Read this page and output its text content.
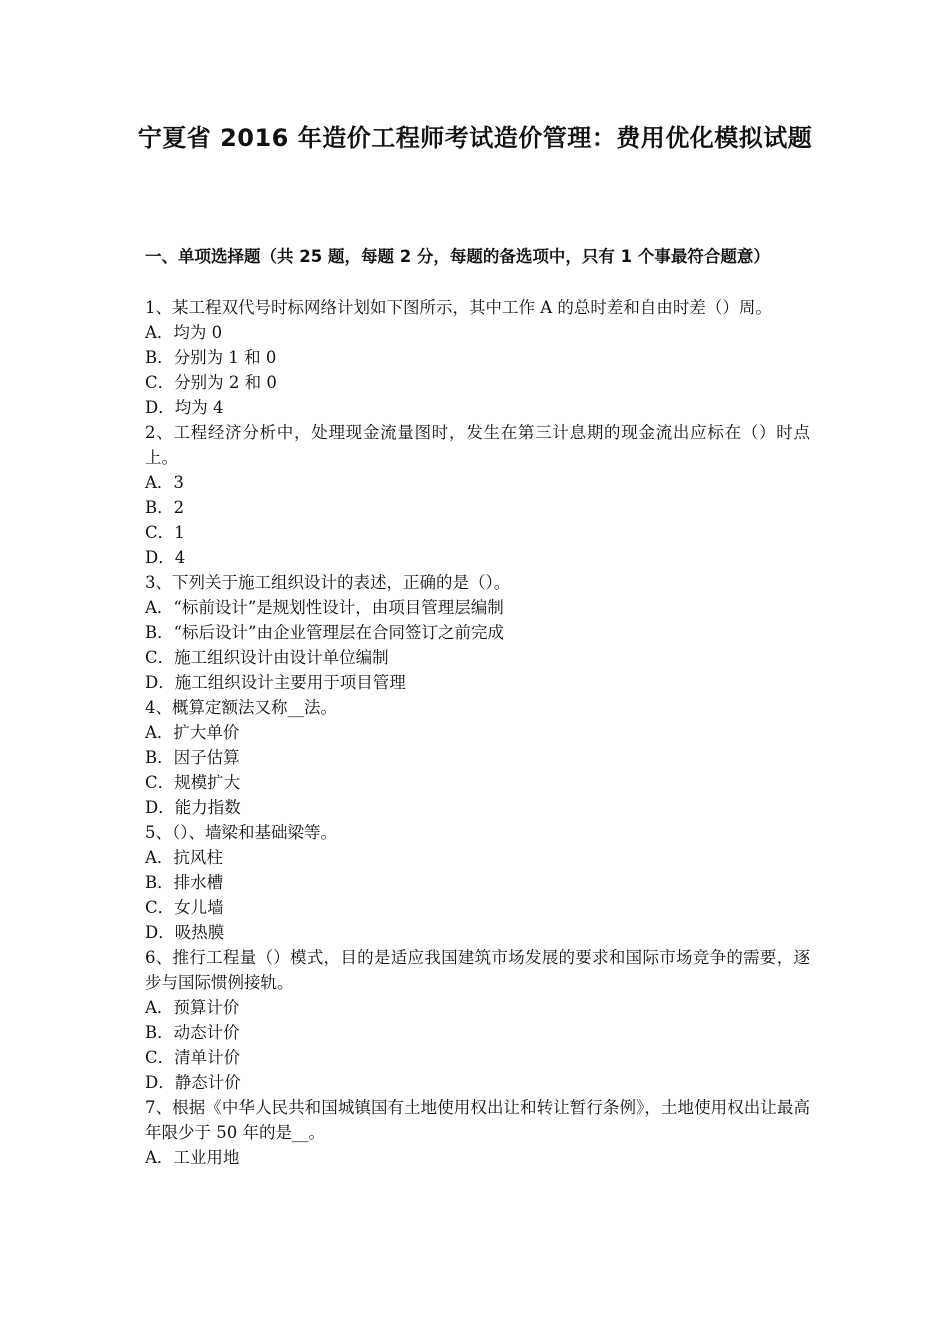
宁夏省 2016 年造价工程师考试造价管理：费用优化模拟试题
一、单项选择题（共 25 题，每题 2 分，每题的备选项中，只有 1 个事最符合题意）
1、某工程双代号时标网络计划如下图所示，其中工作 A 的总时差和自由时差（）周。
A．均为 0
B．分别为 1 和 0
C．分别为 2 和 0
D．均为 4
2、工程经济分析中，处理现金流量图时，发生在第三计息期的现金流出应标在（）时点上。
A．3
B．2
C．1
D．4
3、下列关于施工组织设计的表述，正确的是（）。
A．“标前设计”是规划性设计，由项目管理层编制
B．“标后设计”由企业管理层在合同签订之前完成
C．施工组织设计由设计单位编制
D．施工组织设计主要用于项目管理
4、概算定额法又称__法。
A．扩大单价
B．因子估算
C．规模扩大
D．能力指数
5、（）、墙梁和基础梁等。
A．抗风柱
B．排水槽
C．女儿墙
D．吸热膜
6、推行工程量（）模式，目的是适应我国建筑市场发展的要求和国际市场竞争的需要，逐步与国际惯例接轨。
A．预算计价
B．动态计价
C．清单计价
D．静态计价
7、根据《中华人民共和国城镇国有土地使用权出让和转让暂行条例》，土地使用权出让最高年限少于 50 年的是__。
A．工业用地
